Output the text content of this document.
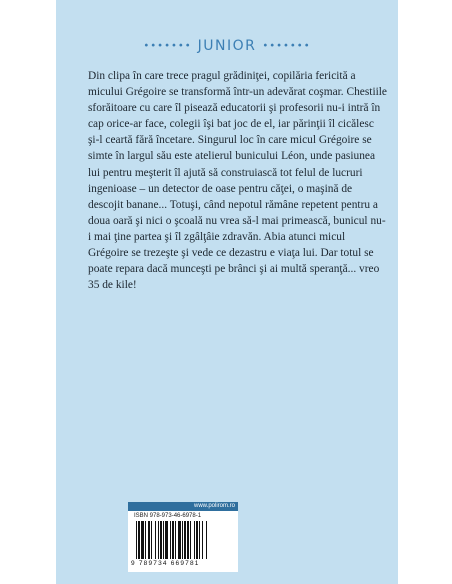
••••••• JUNIOR •••••••

Din clipa în care trece pragul grădiniţei, copilăria fericită a micului Grégoire se transformă într-un adevărat coşmar. Chestiile sforăitoare cu care îl pisează educatorii şi profesorii nu-i intră în cap orice-ar face, colegii îşi bat joc de el, iar părinţii îl cicălesc şi-l ceartă fără încetare. Singurul loc în care micul Grégoire se simte în largul său este atelierul bunicului Léon, unde pasiunea lui pentru meşterit îl ajută să construiască tot felul de lucruri ingenioase – un detector de oase pentru căţei, o maşină de descojit banane... Totuşi, când nepotul rămâne repetent pentru a doua oară şi nici o şcoală nu vrea să-l mai primească, bunicul nu-i mai ţine partea şi îl zgâlţâie zdravăn. Abia atunci micul Grégoire se trezeşte şi vede ce dezastru e viaţa lui. Dar totul se poate repara dacă munceşti pe brânci şi ai multă speranţă... vreo 35 de kile!

www.polirom.ro
ISBN 978-973-46-6978-1
9 789734 669781
